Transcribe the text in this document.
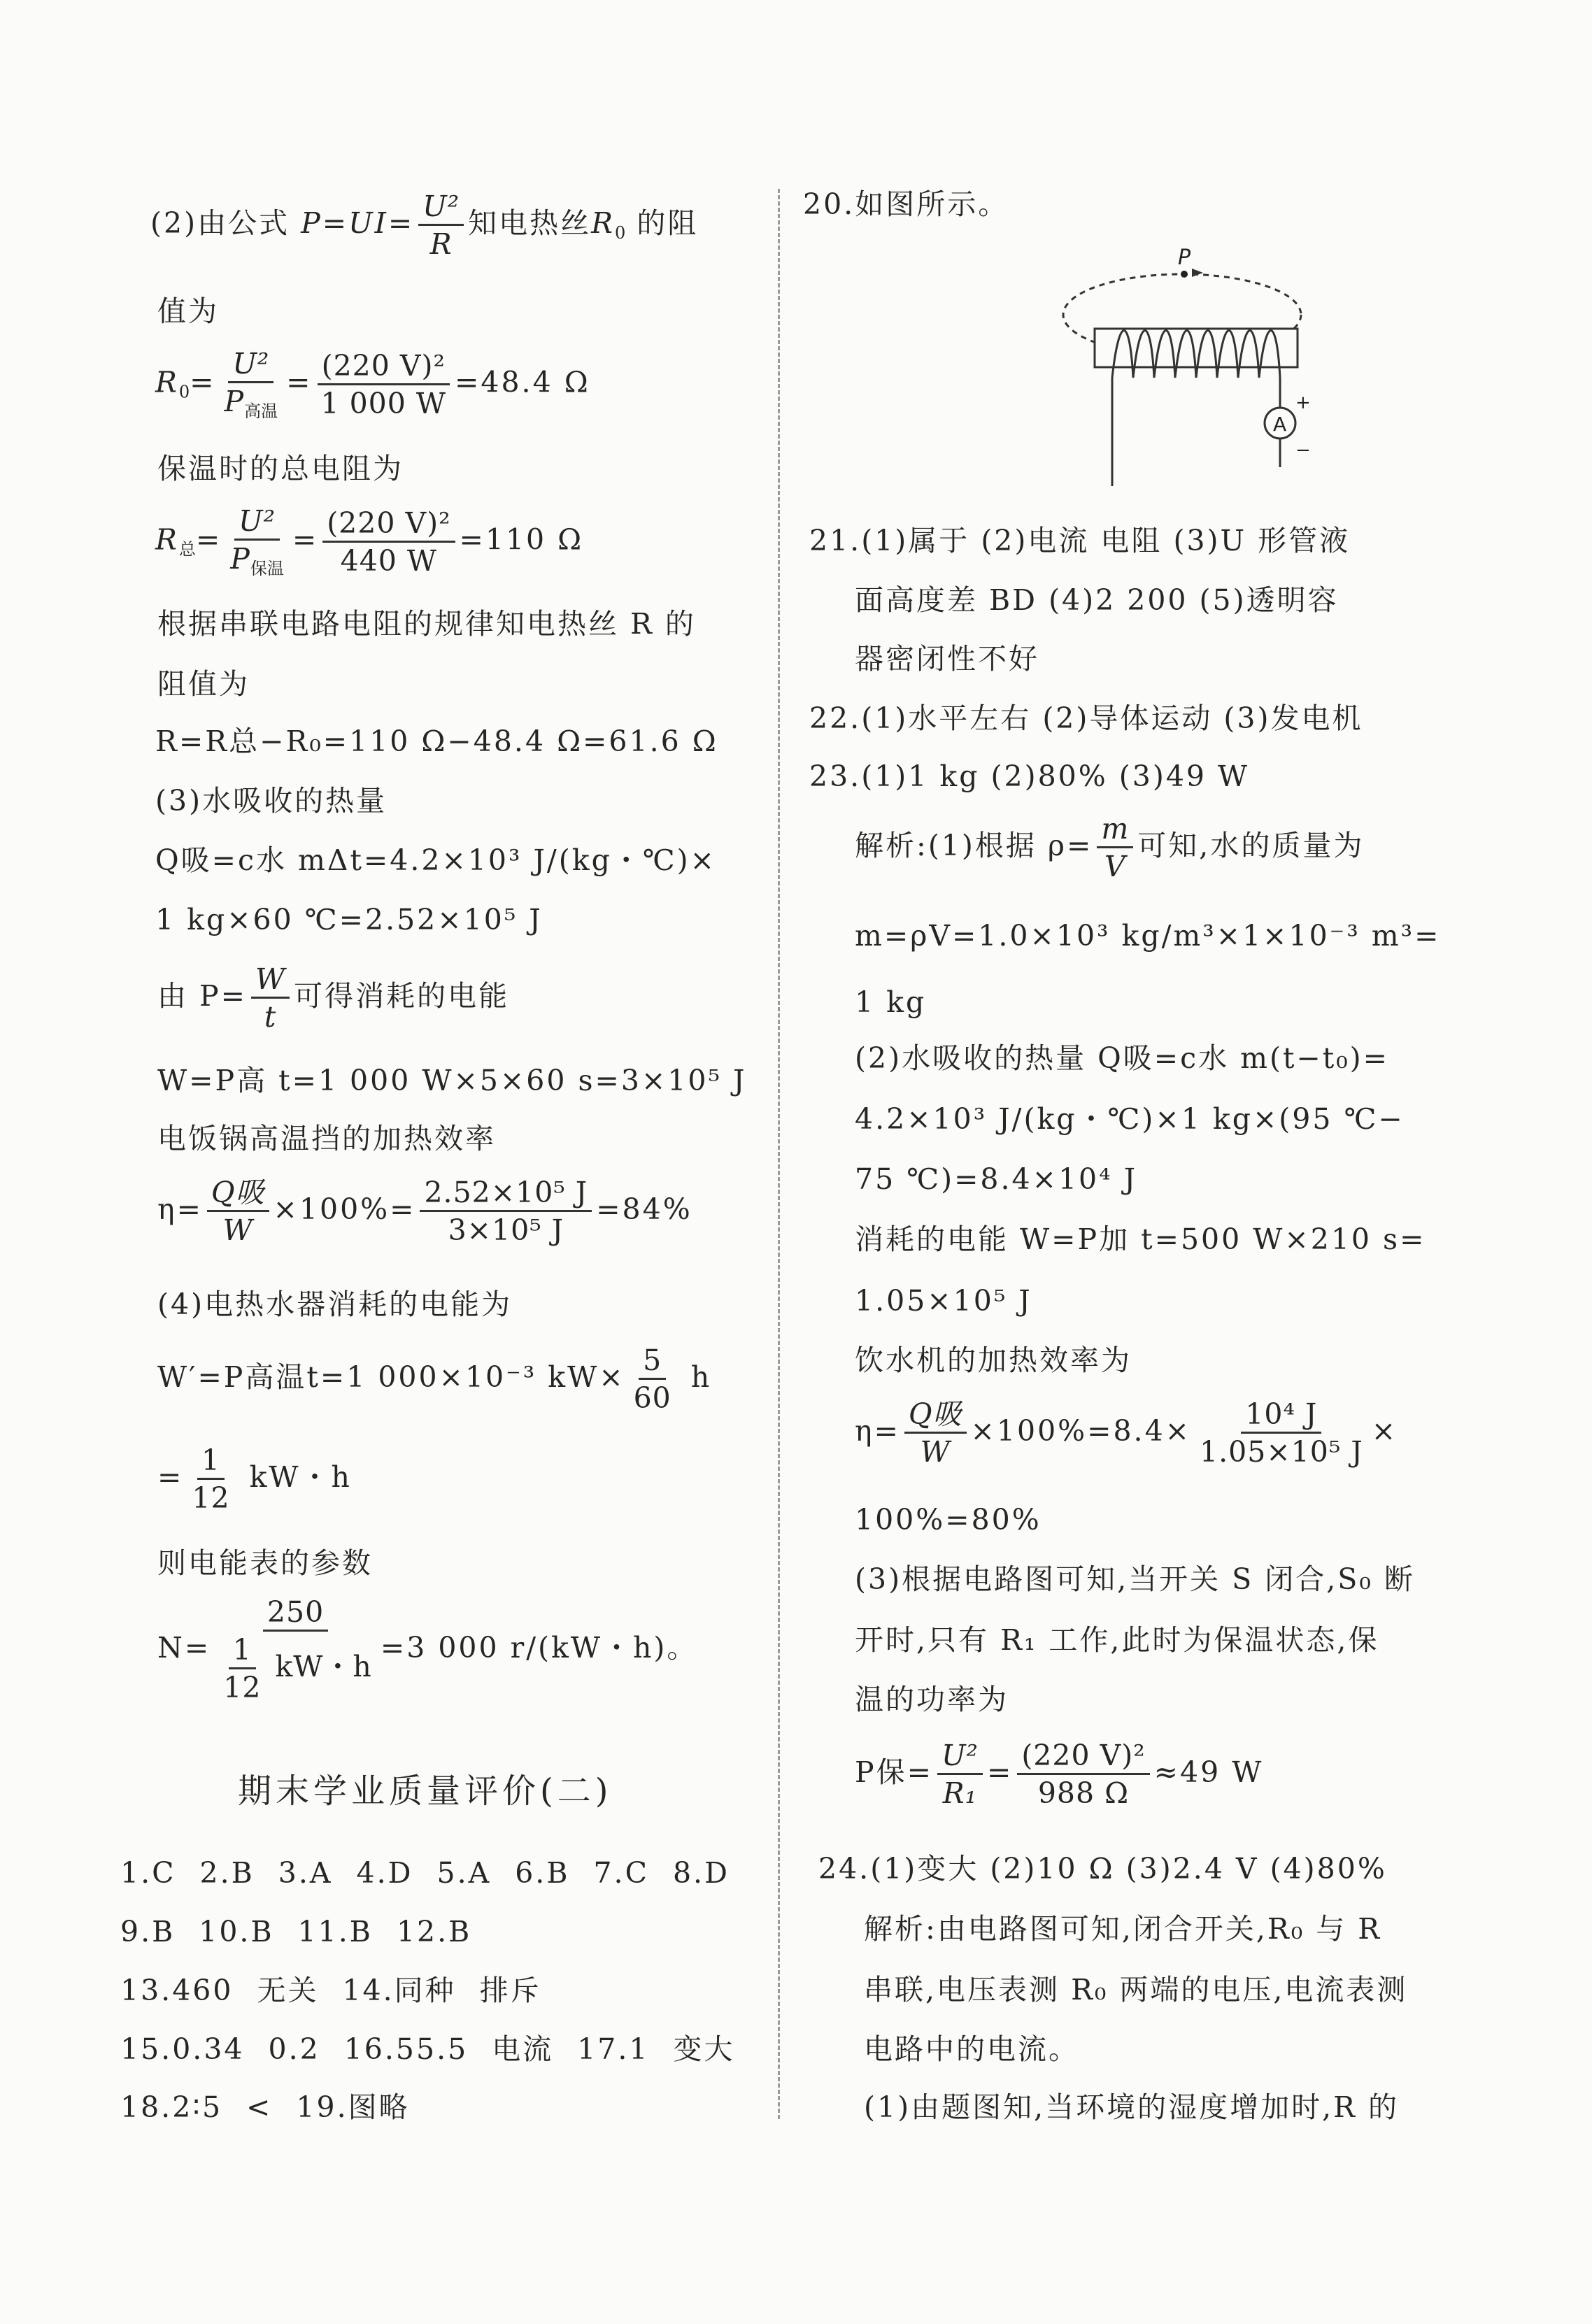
(2)由公式 $P=UI= \frac{\text{U²}}{R}$ 知电热丝$R_0$ 的阻
值为
$R_0= \frac{\text{U²}}{P_{高温}} = \frac{\text{(220 V)²}}{1 000 W} =48.4$ Ω
保温时的总电阻为
$R_总= \frac{\text{U²}}{P_{保温}} = \frac{\text{(220 V)²}}{440 W} =110$ Ω
根据串联电路电阻的规律知电热丝 R 的
阻值为
R=R总−R₀=110 Ω−48.4 Ω=61.6 Ω
(3)水吸收的热量
Q吸=c水 mΔt=4.2×10³ J/(kg・℃)×
1 kg×60 ℃=2.52×10⁵ J
由 $P= \frac{W}{t}$ 可得消耗的电能
W=P高 t=1 000 W×5×60 s=3×10⁵ J
电饭锅高温挡的加热效率
$\eta= \frac{\text{Q吸}}{W} \times 100\%= \frac{\text{2.52×10⁵ J}}{\text{3×10⁵ J}} =84\%$
(4)电热水器消耗的电能为
W′=P高温t=1 000×10⁻³ $kW\times \frac{5}{60}$ h
= $\frac{1}{12}$ kW・h
则电能表的参数
$N= \frac{250}{\frac{1}{12} kW・h} =3$ 000 r/(kW・h)。
期末学业质量评价(二)
1.C 2.B 3.A 4.D 5.A 6.B 7.C 8.D
9.B 10.B 11.B 12.B
13.460 无关 14.同种 排斥
15.0.34 0.2 16.55.5 电流 17.1 变大
18.2∶5 < 19.图略
20.如图所示。
P
A
+
−
21.(1)属于 (2)电流 电阻 (3)U 形管液
面高度差 BD (4)2 200 (5)透明容
器密闭性不好
22.(1)水平左右 (2)导体运动 (3)发电机
23.(1)1 kg (2)80% (3)49 W
解析:(1)根据 $\rho= \frac{m}{V}$ 可知,水的质量为
m=ρV=1.0×10³ kg/m³×1×10⁻³ m³=
1 kg
(2)水吸收的热量 Q吸=c水 m(t−t₀)=
4.2×10³ J/(kg・℃)×1 kg×(95 ℃−
75 ℃)=8.4×10⁴ J
消耗的电能 W=P加 t=500 W×210 s=
1.05×10⁵ J
饮水机的加热效率为
$\eta= \frac{\text{Q吸}}{W} \times 100\%=8.4\times \frac{\text{10⁴ J}}{\text{1.05×10⁵ J}}$ ×
100%=80%
(3)根据电路图可知,当开关 S 闭合,S₀ 断
开时,只有 R₁ 工作,此时为保温状态,保
温的功率为
P保= $\frac{\text{U²}}{\text{R₁}} = \frac{\text{(220 V)²}}{988 \Omega} \approx 49$ W
24.(1)变大 (2)10 Ω (3)2.4 V (4)80%
解析:由电路图可知,闭合开关,R₀ 与 R
串联,电压表测 R₀ 两端的电压,电流表测
电路中的电流。
(1)由题图知,当环境的湿度增加时,R 的
